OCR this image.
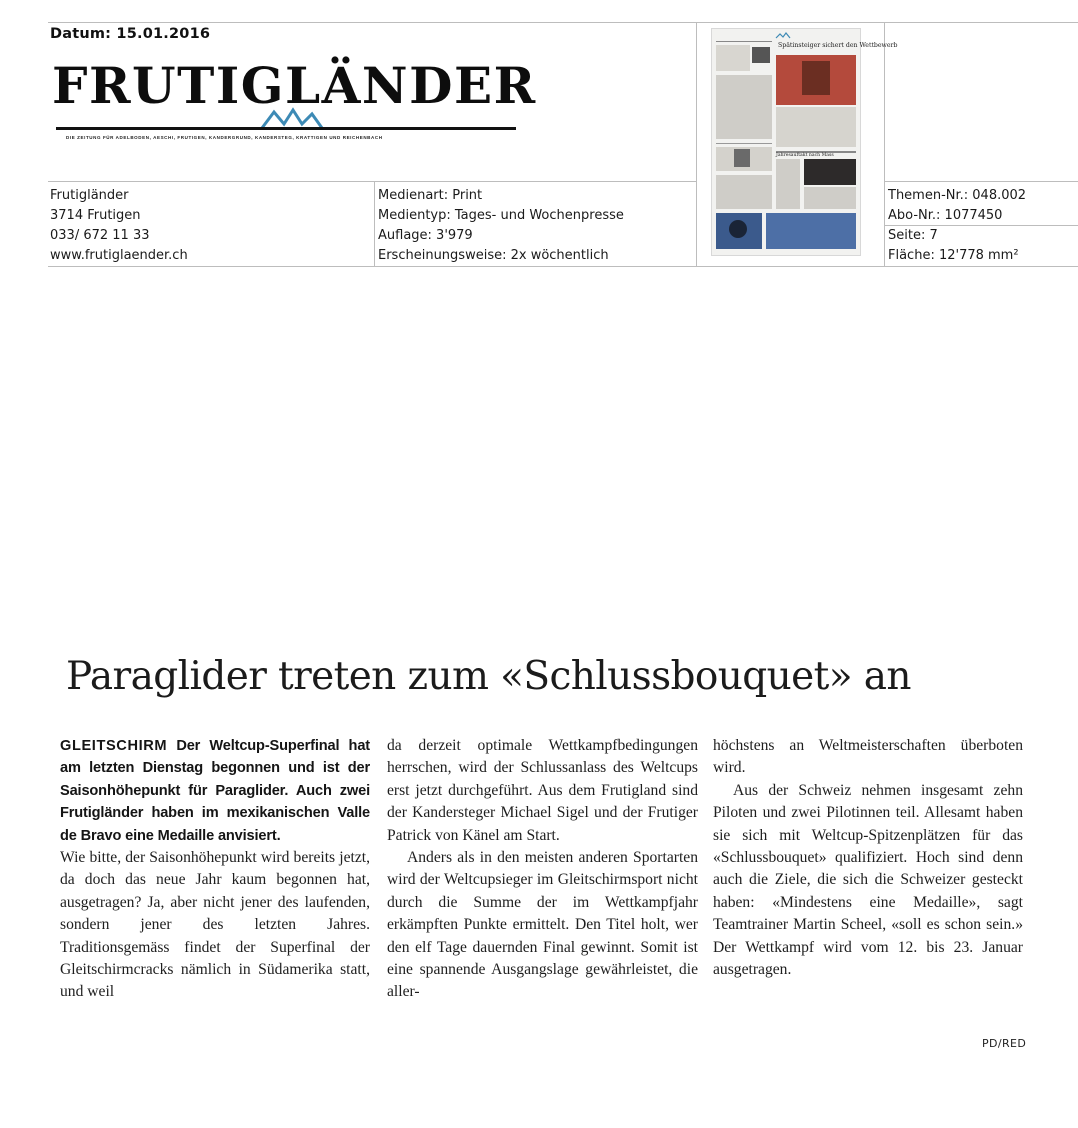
Datum: 15.01.2016
FRUTIGLÄNDER
DIE ZEITUNG FÜR ADELBODEN, AESCHI, FRUTIGEN, KANDERGRUND, KANDERSTEG, KRATTIGEN UND REICHENBACH
Frutigländer
3714 Frutigen
033/ 672 11 33
www.frutiglaender.ch
Medienart: Print
Medientyp: Tages- und Wochenpresse
Auflage: 3'979
Erscheinungsweise: 2x wöchentlich
Themen-Nr.: 048.002
Abo-Nr.: 1077450
Seite: 7
Fläche: 12'778 mm²
Spätinsteiger sichert den Wettbewerb
Jahresauftakt nach Mass
Paraglider treten zum «Schlussbouquet» an

GLEITSCHIRM Der Weltcup-Superfinal hat am letzten Dienstag begonnen und ist der Saisonhöhepunkt für Paraglider. Auch zwei Frutigländer haben im mexikanischen Valle de Bravo eine Medaille anvisiert.

Wie bitte, der Saisonhöhepunkt wird bereits jetzt, da doch das neue Jahr kaum begonnen hat, ausgetragen? Ja, aber nicht jener des laufenden, sondern jener des letzten Jahres. Traditionsgemäss findet der Superfinal der Gleitschirmcracks nämlich in Südamerika statt, und weil

da derzeit optimale Wettkampfbedingungen herrschen, wird der Schlussanlass des Weltcups erst jetzt durchgeführt. Aus dem Frutigland sind der Kandersteger Michael Sigel und der Frutiger Patrick von Känel am Start.

Anders als in den meisten anderen Sportarten wird der Weltcupsieger im Gleitschirmsport nicht durch die Summe der im Wettkampfjahr erkämpften Punkte ermittelt. Den Titel holt, wer den elf Tage dauernden Final gewinnt. Somit ist eine spannende Ausgangslage gewährleistet, die aller-

höchstens an Weltmeisterschaften überboten wird.

Aus der Schweiz nehmen insgesamt zehn Piloten und zwei Pilotinnen teil. Allesamt haben sie sich mit Weltcup-Spitzenplätzen für das «Schlussbouquet» qualifiziert. Hoch sind denn auch die Ziele, die sich die Schweizer gesteckt haben: «Mindestens eine Medaille», sagt Teamtrainer Martin Scheel, «soll es schon sein.» Der Wettkampf wird vom 12. bis 23. Januar ausgetragen.

PD/RED
